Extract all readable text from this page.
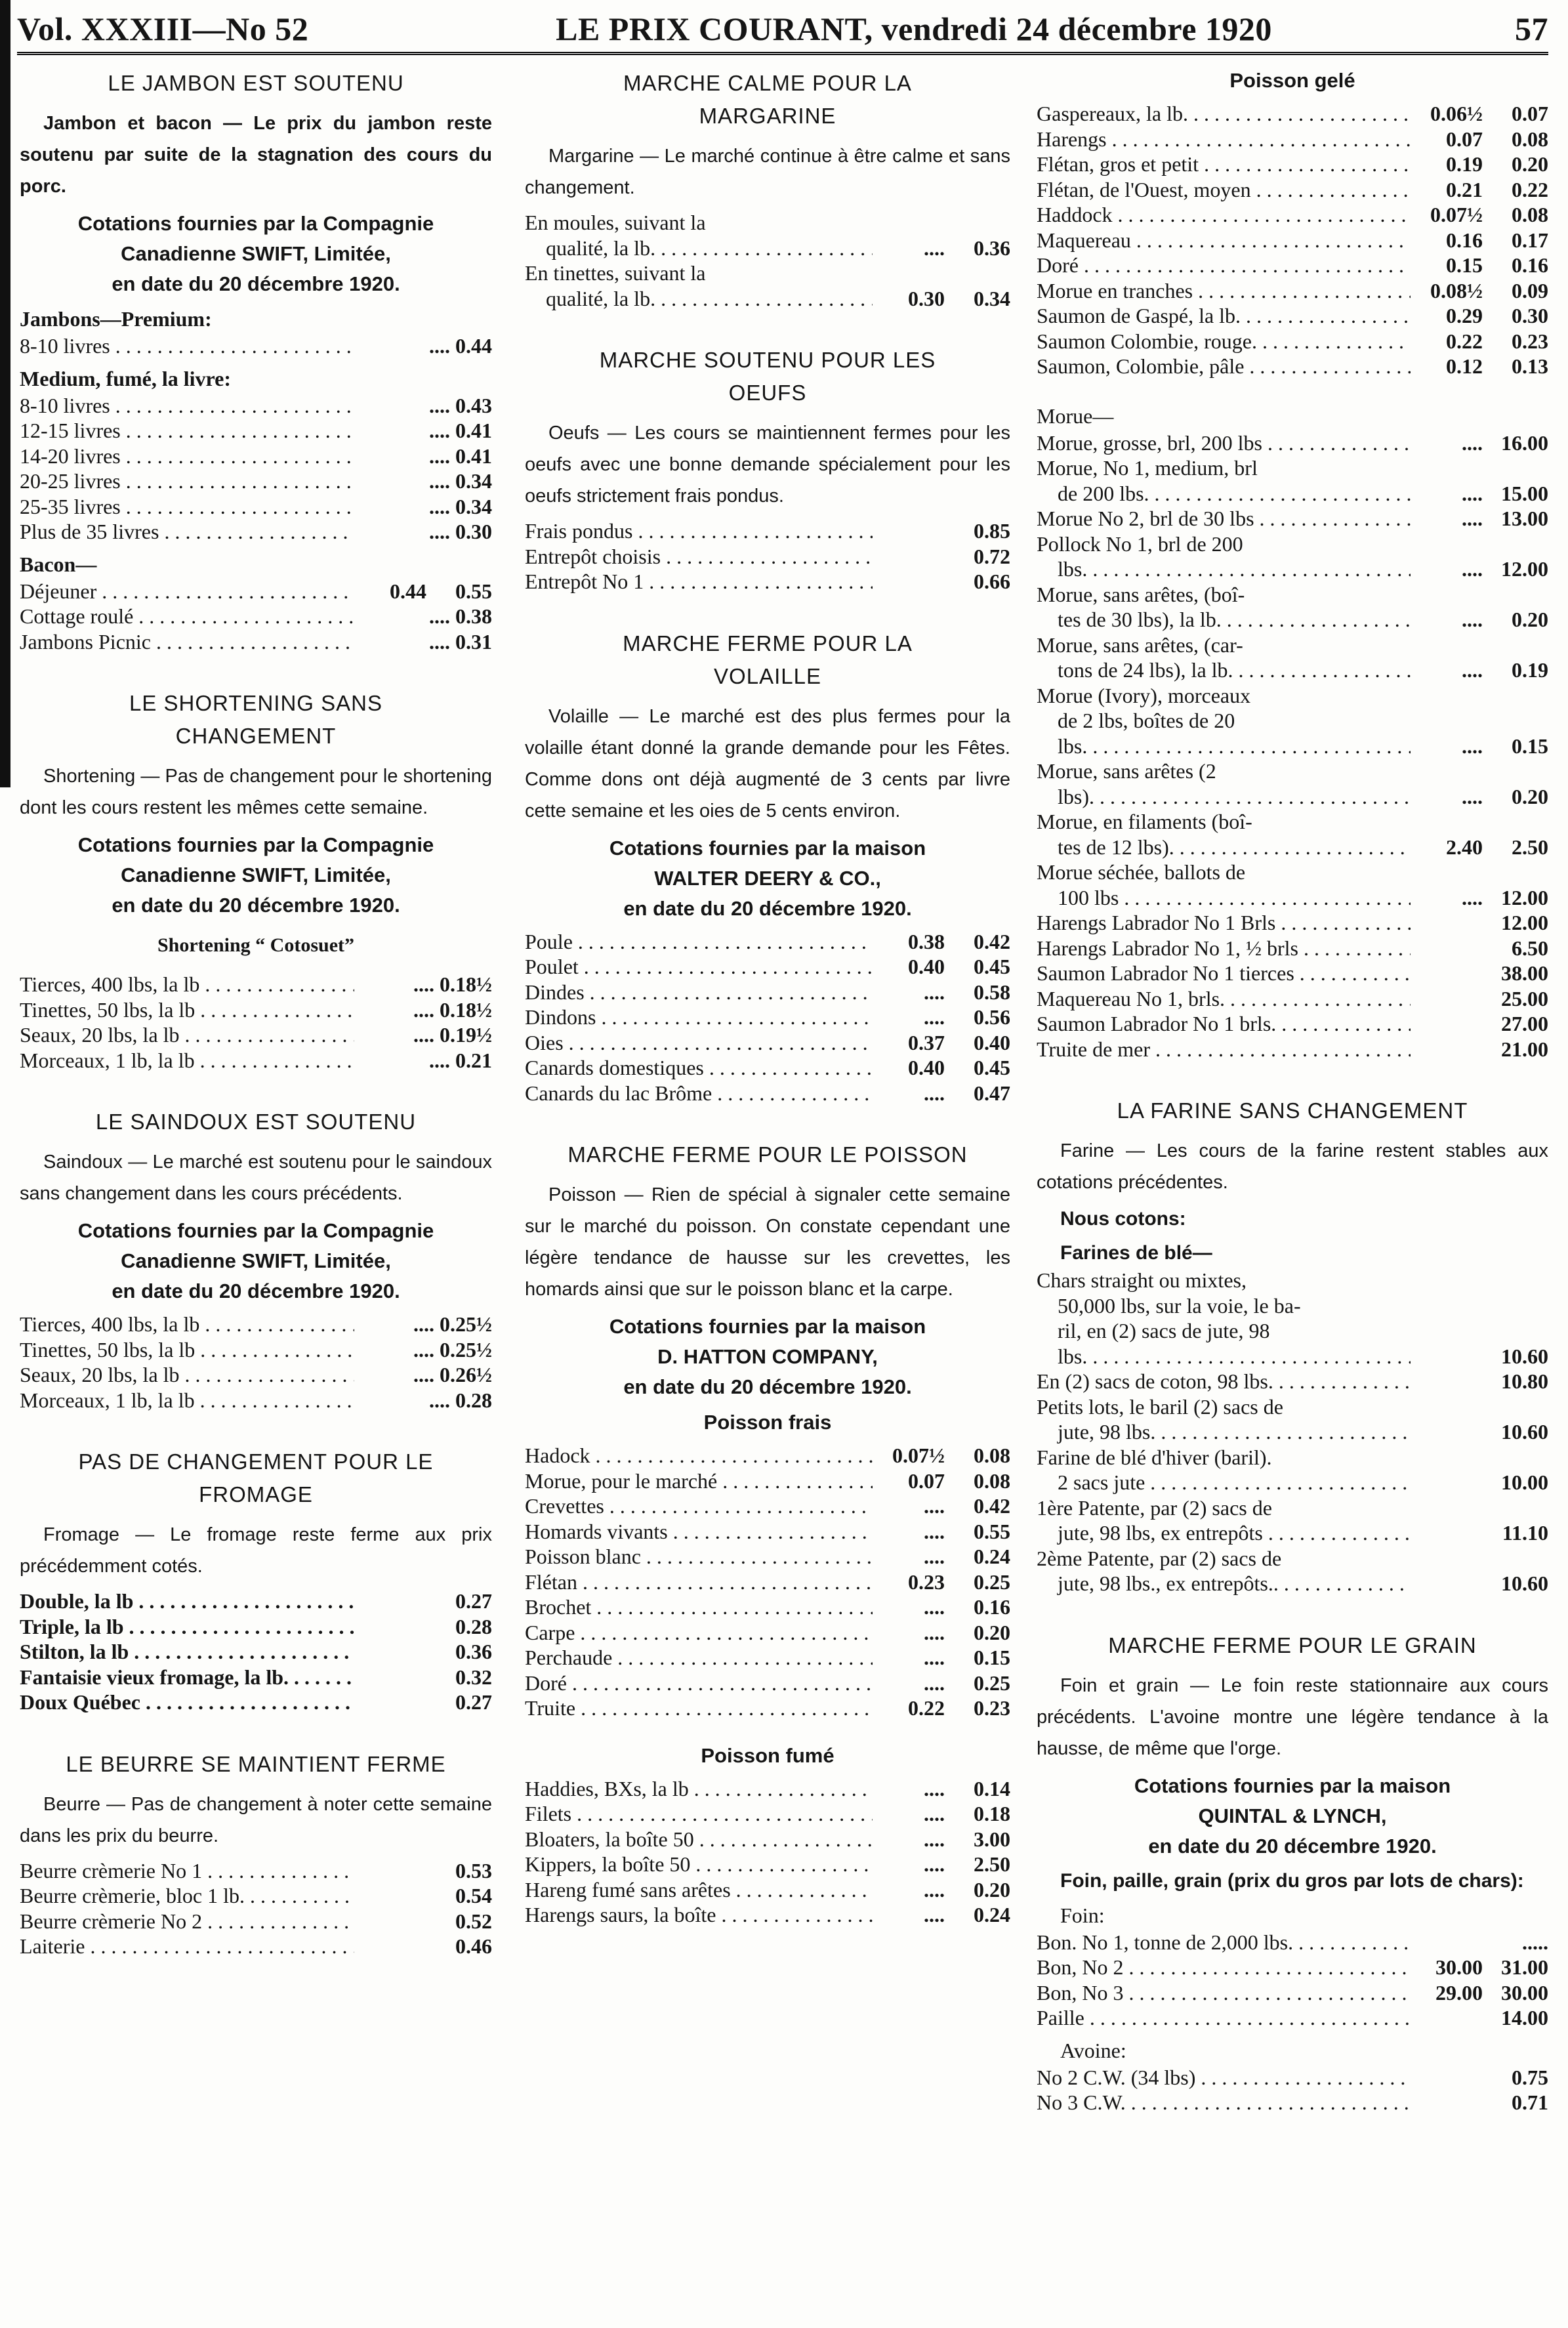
Vol. XXXIII—No 52	LE PRIX COURANT, vendredi 24 décembre 1920	57
LE JAMBON EST SOUTENU
Jambon et bacon — Le prix du jambon reste soutenu par suite de la stagnation des cours du porc.
Cotations fournies par la Compagnie
Canadienne SWIFT, Limitée,
en date du 20 décembre 1920.
Jambons—Premium:
8-10 livres . . .	.... 0.44
Medium, fumé, la livre:
8-10 livres . . .	.... 0.43
12-15 livres . . .	.... 0.41
14-20 livres . . .	.... 0.41
20-25 livres . . .	.... 0.34
25-35 livres . . .	.... 0.34
Plus de 35 livres . . .	.... 0.30
Bacon—
Déjeuner . . .	0.44	0.55
Cottage roulé . . .	.... 0.38
Jambons Picnic . . .	.... 0.31
LE SHORTENING SANS
CHANGEMENT
Shortening — Pas de changement pour le shortening dont les cours restent les mêmes cette semaine.
Cotations fournies par la Compagnie
Canadienne SWIFT, Limitée,
en date du 20 décembre 1920.
Shortening “ Cotosuet”
Tierces, 400 lbs, la lb . . .	.... 0.18½
Tinettes, 50 lbs, la lb . . .	.... 0.18½
Seaux, 20 lbs, la lb . . .	.... 0.19½
Morceaux, 1 lb, la lb . . .	.... 0.21
LE SAINDOUX EST SOUTENU
Saindoux — Le marché est soutenu pour le saindoux sans changement dans les cours précédents.
Cotations fournies par la Compagnie
Canadienne SWIFT, Limitée,
en date du 20 décembre 1920.
Tierces, 400 lbs, la lb . . .	.... 0.25½
Tinettes, 50 lbs, la lb . . .	.... 0.25½
Seaux, 20 lbs, la lb . . .	.... 0.26½
Morceaux, 1 lb, la lb . . .	.... 0.28
PAS DE CHANGEMENT POUR LE
FROMAGE
Fromage — Le fromage reste ferme aux prix précédemment cotés.
Double, la lb . . .	0.27
Triple, la lb . . .	0.28
Stilton, la lb . . .	0.36
Fantaisie vieux fromage, la lb. . . .	0.32
Doux Québec . . .	0.27
LE BEURRE SE MAINTIENT FERME
Beurre — Pas de changement à noter cette semaine dans les prix du beurre.
Beurre crèmerie No 1 . . .	0.53
Beurre crèmerie, bloc 1 lb. . . .	0.54
Beurre crèmerie No 2 . . .	0.52
Laiterie . . .	0.46
MARCHE CALME POUR LA
MARGARINE
Margarine — Le marché continue à être calme et sans changement.
En moules, suivant la
qualité, la lb. . . .	....	0.36
En tinettes, suivant la
qualité, la lb. . . .	0.30	0.34
MARCHE SOUTENU POUR LES
OEUFS
Oeufs — Les cours se maintiennent fermes pour les oeufs avec une bonne demande spécialement pour les oeufs strictement frais pondus.
Frais pondus . . .	0.85
Entrepôt choisis . . .	0.72
Entrepôt No 1 . . .	0.66
MARCHE FERME POUR LA
VOLAILLE
Volaille — Le marché est des plus fermes pour la volaille étant donné la grande demande pour les Fêtes. Comme dons ont déjà augmenté de 3 cents par livre cette semaine et les oies de 5 cents environ.
Cotations fournies par la maison
WALTER DEERY & CO.,
en date du 20 décembre 1920.
Poule . . .	0.38	0.42
Poulet . . .	0.40	0.45
Dindes . . .	....	0.58
Dindons . . .	....	0.56
Oies . . .	0.37	0.40
Canards domestiques . . .	0.40	0.45
Canards du lac Brôme . . .	....	0.47
MARCHE FERME POUR LE POISSON
Poisson — Rien de spécial à signaler cette semaine sur le marché du poisson. On constate cependant une légère tendance de hausse sur les crevettes, les homards ainsi que sur le poisson blanc et la carpe.
Cotations fournies par la maison
D. HATTON COMPANY,
en date du 20 décembre 1920.
Poisson frais
Hadock . . .	0.07½	0.08
Morue, pour le marché . . .	0.07	0.08
Crevettes . . .	....	0.42
Homards vivants . . .	....	0.55
Poisson blanc . . .	....	0.24
Flétan . . .	0.23	0.25
Brochet . . .	....	0.16
Carpe . . .	....	0.20
Perchaude . . .	....	0.15
Doré . . .	....	0.25
Truite . . .	0.22	0.23
Poisson fumé
Haddies, BXs, la lb . . .	....	0.14
Filets . . .	....	0.18
Bloaters, la boîte 50 . . .	....	3.00
Kippers, la boîte 50 . . .	....	2.50
Hareng fumé sans arêtes . . .	....	0.20
Harengs saurs, la boîte . . .	....	0.24
Poisson gelé
Gaspereaux, la lb. . . .	0.06½	0.07
Harengs . . .	0.07	0.08
Flétan, gros et petit . . .	0.19	0.20
Flétan, de l'Ouest, moyen . . .	0.21	0.22
Haddock . . .	0.07½	0.08
Maquereau . . .	0.16	0.17
Doré . . .	0.15	0.16
Morue en tranches . . .	0.08½	0.09
Saumon de Gaspé, la lb. . . .	0.29	0.30
Saumon Colombie, rouge. . . .	0.22	0.23
Saumon, Colombie, pâle . . .	0.12	0.13
Morue—
Morue, grosse, brl, 200 lbs . . .	.... 16.00
Morue, No 1, medium, brl
de 200 lbs. . . .	.... 15.00
Morue No 2, brl de 30 lbs . . .	.... 13.00
Pollock No 1, brl de 200
lbs. . . .	.... 12.00
Morue, sans arêtes, (boî-
tes de 30 lbs), la lb. . . .	....	0.20
Morue, sans arêtes, (car-
tons de 24 lbs), la lb. . . .	....	0.19
Morue (Ivory), morceaux
de 2 lbs, boîtes de 20
lbs. . . .	....	0.15
Morue, sans arêtes (2
lbs). . . .	....	0.20
Morue, en filaments (boî-
tes de 12 lbs). . . .	2.40	2.50
Morue séchée, ballots de
100 lbs . . .	.... 12.00
Harengs Labrador No 1 Brls . . .	12.00
Harengs Labrador No 1, ½ brls . . .	6.50
Saumon Labrador No 1 tierces . . .	38.00
Maquereau No 1, brls. . . .	25.00
Saumon Labrador No 1 brls. . . .	27.00
Truite de mer . . .	21.00
LA FARINE SANS CHANGEMENT
Farine — Les cours de la farine restent stables aux cotations précédentes.
Nous cotons:
Farines de blé—
Chars straight ou mixtes,
50,000 lbs, sur la voie, le ba-
ril, en (2) sacs de jute, 98
lbs. . . .	10.60
En (2) sacs de coton, 98 lbs. . . .	10.80
Petits lots, le baril (2) sacs de
jute, 98 lbs. . . .	10.60
Farine de blé d'hiver (baril).
2 sacs jute . . .	10.00
1ère Patente, par (2) sacs de
jute, 98 lbs, ex entrepôts . . .	11.10
2ème Patente, par (2) sacs de
jute, 98 lbs., ex entrepôts.. . . .	10.60
MARCHE FERME POUR LE GRAIN
Foin et grain — Le foin reste stationnaire aux cours précédents. L'avoine montre une légère tendance à la hausse, de même que l'orge.
Cotations fournies par la maison
QUINTAL & LYNCH,
en date du 20 décembre 1920.
Foin, paille, grain (prix du gros par lots de chars):
Foin:
Bon. No 1, tonne de 2,000 lbs. . . .	.....
Bon, No 2 . . .	30.00 31.00
Bon, No 3 . . .	29.00 30.00
Paille . . .	14.00
Avoine:
No 2 C.W. (34 lbs) . . .	0.75
No 3 C.W. . . .	0.71
